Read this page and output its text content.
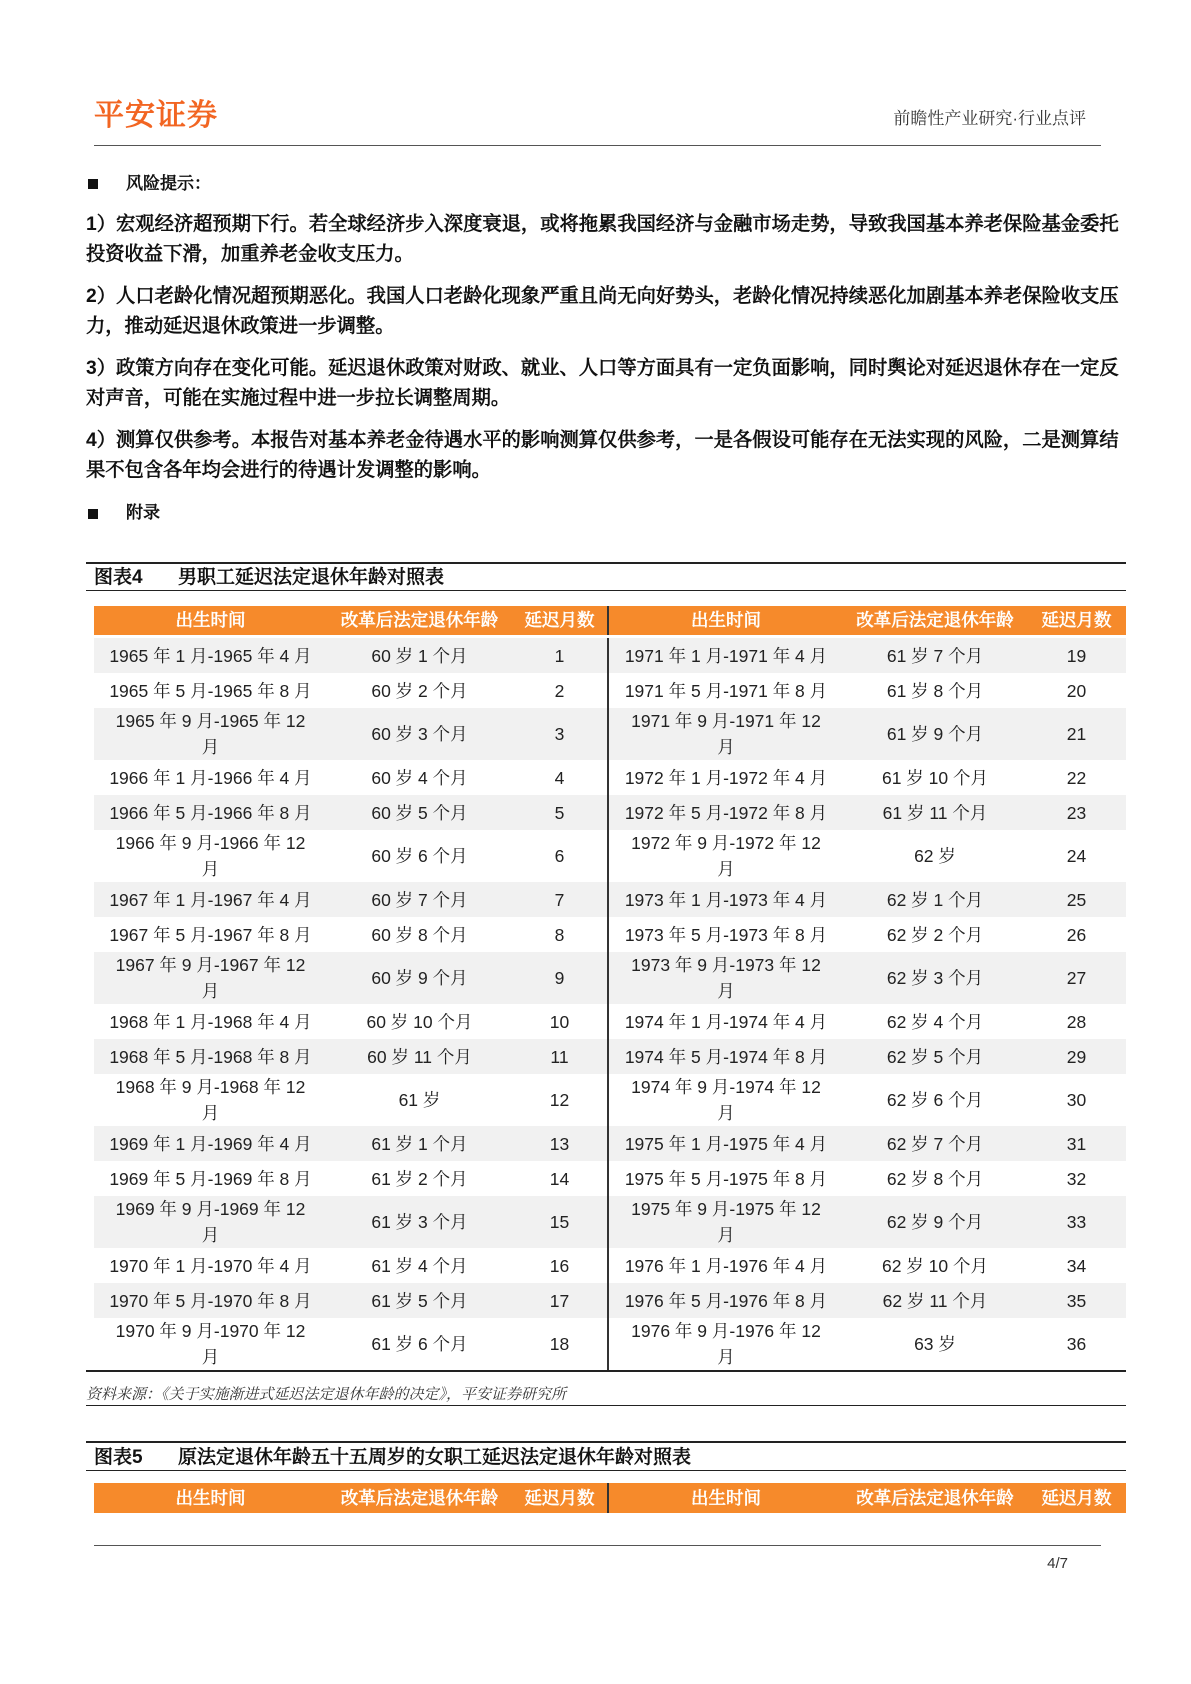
平安证券	前瞻性产业研究·行业点评
风险提示：
1）宏观经济超预期下行。若全球经济步入深度衰退，或将拖累我国经济与金融市场走势，导致我国基本养老保险基金委托
投资收益下滑，加重养老金收支压力。
2）人口老龄化情况超预期恶化。我国人口老龄化现象严重且尚无向好势头，老龄化情况持续恶化加剧基本养老保险收支压
力，推动延迟退休政策进一步调整。
3）政策方向存在变化可能。延迟退休政策对财政、就业、人口等方面具有一定负面影响，同时舆论对延迟退休存在一定反
对声音，可能在实施过程中进一步拉长调整周期。
4）测算仅供参考。本报告对基本养老金待遇水平的影响测算仅供参考，一是各假设可能存在无法实现的风险，二是测算结
果不包含各年均会进行的待遇计发调整的影响。
附录
图表4 男职工延迟法定退休年龄对照表
出生时间	改革后法定退休年龄	延迟月数	出生时间	改革后法定退休年龄	延迟月数
1965 年 1 月-1965 年 4 月	60 岁 1 个月	1	1971 年 1 月-1971 年 4 月	61 岁 7 个月	19
1965 年 5 月-1965 年 8 月	60 岁 2 个月	2	1971 年 5 月-1971 年 8 月	61 岁 8 个月	20
1965 年 9 月-1965 年 12
月	60 岁 3 个月	3	1971 年 9 月-1971 年 12
月	61 岁 9 个月	21
1966 年 1 月-1966 年 4 月	60 岁 4 个月	4	1972 年 1 月-1972 年 4 月	61 岁 10 个月	22
1966 年 5 月-1966 年 8 月	60 岁 5 个月	5	1972 年 5 月-1972 年 8 月	61 岁 11 个月	23
1966 年 9 月-1966 年 12
月	60 岁 6 个月	6	1972 年 9 月-1972 年 12
月	62 岁	24
1967 年 1 月-1967 年 4 月	60 岁 7 个月	7	1973 年 1 月-1973 年 4 月	62 岁 1 个月	25
1967 年 5 月-1967 年 8 月	60 岁 8 个月	8	1973 年 5 月-1973 年 8 月	62 岁 2 个月	26
1967 年 9 月-1967 年 12
月	60 岁 9 个月	9	1973 年 9 月-1973 年 12
月	62 岁 3 个月	27
1968 年 1 月-1968 年 4 月	60 岁 10 个月	10	1974 年 1 月-1974 年 4 月	62 岁 4 个月	28
1968 年 5 月-1968 年 8 月	60 岁 11 个月	11	1974 年 5 月-1974 年 8 月	62 岁 5 个月	29
1968 年 9 月-1968 年 12
月	61 岁	12	1974 年 9 月-1974 年 12
月	62 岁 6 个月	30
1969 年 1 月-1969 年 4 月	61 岁 1 个月	13	1975 年 1 月-1975 年 4 月	62 岁 7 个月	31
1969 年 5 月-1969 年 8 月	61 岁 2 个月	14	1975 年 5 月-1975 年 8 月	62 岁 8 个月	32
1969 年 9 月-1969 年 12
月	61 岁 3 个月	15	1975 年 9 月-1975 年 12
月	62 岁 9 个月	33
1970 年 1 月-1970 年 4 月	61 岁 4 个月	16	1976 年 1 月-1976 年 4 月	62 岁 10 个月	34
1970 年 5 月-1970 年 8 月	61 岁 5 个月	17	1976 年 5 月-1976 年 8 月	62 岁 11 个月	35
1970 年 9 月-1970 年 12
月	61 岁 6 个月	18	1976 年 9 月-1976 年 12
月	63 岁	36
资料来源：《关于实施渐进式延迟法定退休年龄的决定》，平安证券研究所
图表5 原法定退休年龄五十五周岁的女职工延迟法定退休年龄对照表
出生时间	改革后法定退休年龄	延迟月数	出生时间	改革后法定退休年龄	延迟月数
4/7
